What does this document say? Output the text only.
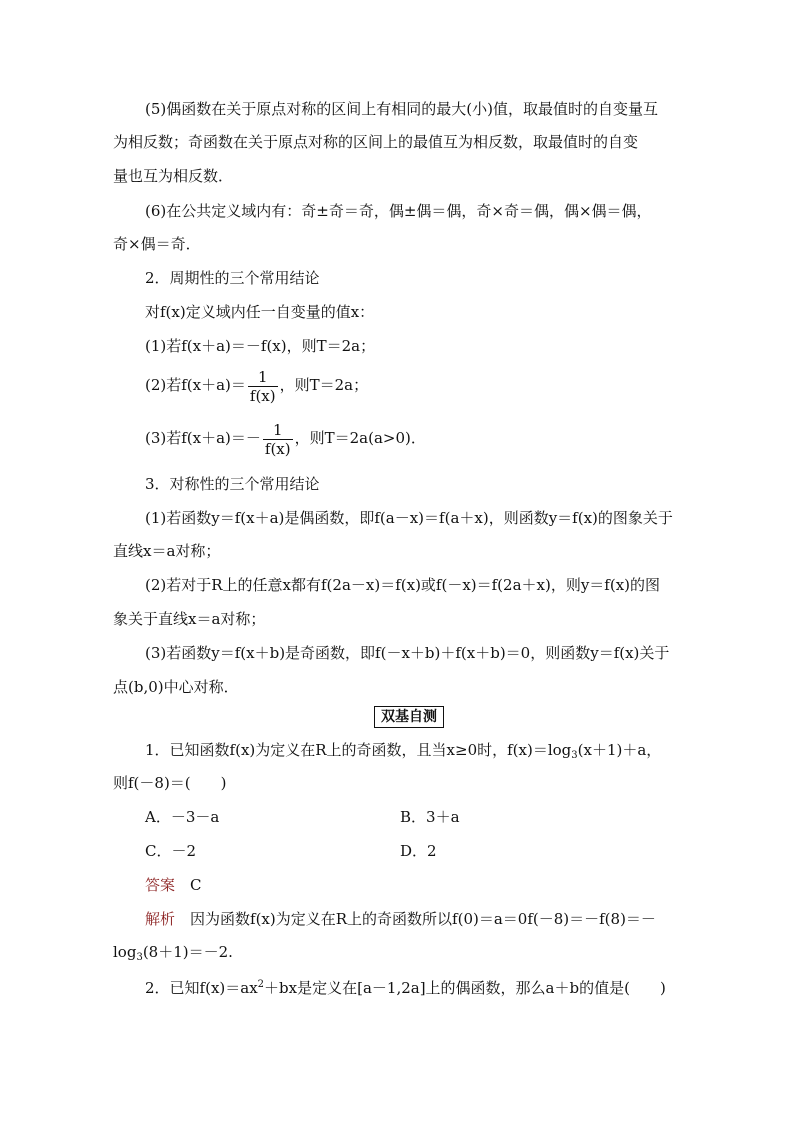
(5)偶函数在关于原点对称的区间上有相同的最大(小)值，取最值时的自变量互
为相反数；奇函数在关于原点对称的区间上的最值互为相反数，取最值时的自变
量也互为相反数．
(6)在公共定义域内有：奇±奇＝奇，偶±偶＝偶，奇×奇＝偶，偶×偶＝偶，
奇×偶＝奇．
2．周期性的三个常用结论
对f(x)定义域内任一自变量的值x：
(1)若f(x＋a)＝－f(x)，则T＝2a；
(2)若$f(x+a)= \frac{1}{f(x)}$ ，则T＝2a；
(3)若$f(x+a)=- \frac{1}{f(x)}$ ，则T＝2a(a>0)．
3．对称性的三个常用结论
(1)若函数y＝f(x＋a)是偶函数，即f(a－x)＝f(a＋x)，则函数y＝f(x)的图象关于
直线x＝a对称；
(2)若对于R上的任意x都有f(2a－x)＝f(x)或f(－x)＝f(2a＋x)，则y＝f(x)的图
象关于直线x＝a对称；
(3)若函数y＝f(x＋b)是奇函数，即f(－x＋b)＋f(x＋b)＝0，则函数y＝f(x)关于
点(b,0)中心对称．
双基自测
1．已知函数f(x)为定义在R上的奇函数，且当x≥0时，$f(x)=\log_3(x+1)+a$，
则f(－8)＝(　　)
A．－3－a	B．3＋a
C．－2	D．2
答案　 C
解析　 因为函数f(x)为定义在R上的奇函数所以f(0)＝a＝0f(－8)＝－f(8)＝－
$\log_3(8+1)=-2$.
2．已知$f(x)=ax^2+bx$是定义在[a－1,2a]上的偶函数，那么a＋b的值是(　　)
